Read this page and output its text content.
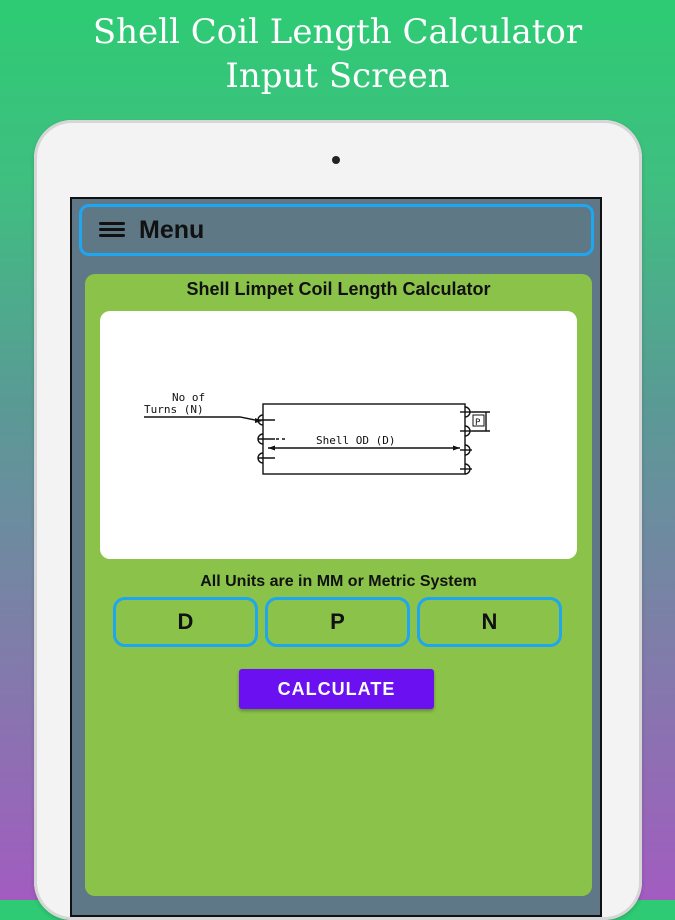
Shell Coil Length Calculator
Input Screen
Menu
Shell Limpet Coil Length Calculator
No of
Turns (N)
Shell OD (D)
P
All Units are in MM or Metric System
D	P	N
CALCULATE
